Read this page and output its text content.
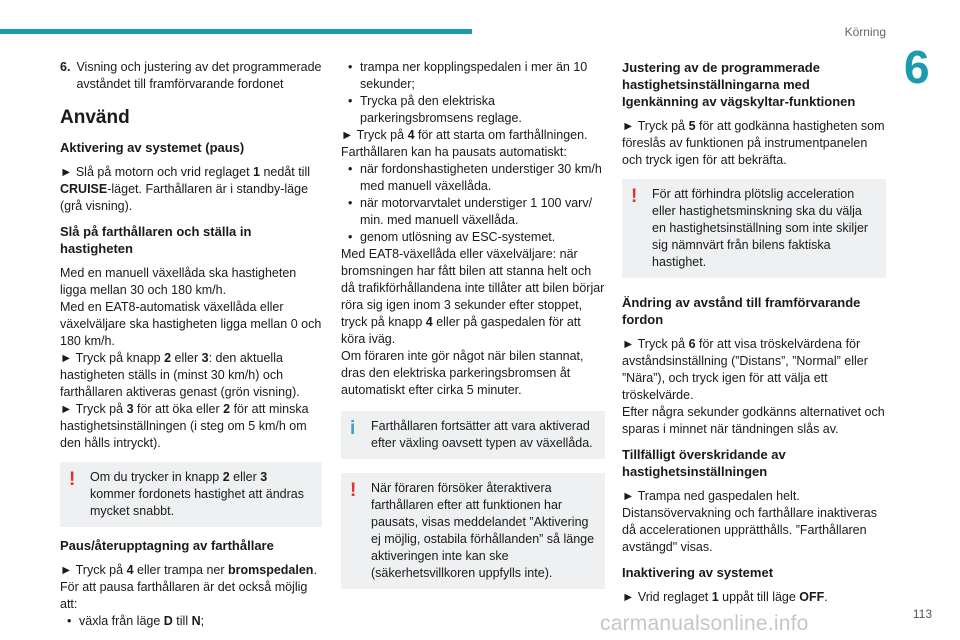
Körning
6
6. Visning och justering av det programmerade avståndet till framförvarande fordonet
Använd
Aktivering av systemet (paus)

► Slå på motorn och vrid reglaget 1 nedåt till CRUISE-läget. Farthållaren är i standby-läge (grå visning).

Slå på farthållaren och ställa in hastigheten

Med en manuell växellåda ska hastigheten ligga mellan 30 och 180 km/h.

Med en EAT8-automatisk växellåda eller växelväljare ska hastigheten ligga mellan 0 och 180 km/h.

► Tryck på knapp 2 eller 3: den aktuella hastigheten ställs in (minst 30 km/h) och farthållaren aktiveras genast (grön visning).

► Tryck på 3 för att öka eller 2 för att minska hastighetsinställningen (i steg om 5 km/h om den hålls intryckt).

! Om du trycker in knapp 2 eller 3 kommer fordonets hastighet att ändras mycket snabbt.
Paus/återupptagning av farthållare

► Tryck på 4 eller trampa ner bromspedalen.

För att pausa farthållaren är det också möjlig att:

• växla från läge D till N;
• trampa ner kopplingspedalen i mer än 10 sekunder;
• Trycka på den elektriska parkeringsbromsens reglage.

► Tryck på 4 för att starta om farthållningen.

Farthållaren kan ha pausats automatiskt:

• när fordonshastigheten understiger 30 km/h med manuell växellåda.
• när motorvarvtalet understiger 1 100 varv/ min. med manuell växellåda.
• genom utlösning av ESC-systemet.

Med EAT8-växellåda eller växelväljare: när bromsningen har fått bilen att stanna helt och då trafikförhållandena inte tillåter att bilen börjar röra sig igen inom 3 sekunder efter stoppet, tryck på knapp 4 eller på gaspedalen för att köra iväg.

Om föraren inte gör något när bilen stannat, dras den elektriska parkeringsbromsen åt automatiskt efter cirka 5 minuter.

i Farthållaren fortsätter att vara aktiverad efter växling oavsett typen av växellåda.
! När föraren försöker återaktivera farthållaren efter att funktionen har pausats, visas meddelandet ”Aktivering ej möjlig, ostabila förhållanden” så länge aktiveringen inte kan ske (säkerhetsvillkoren uppfylls inte).
Justering av de programmerade hastighetsinställningarna med Igenkänning av vägskyltar-funktionen

► Tryck på 5 för att godkänna hastigheten som föreslås av funktionen på instrumentpanelen och tryck igen för att bekräfta.

! För att förhindra plötslig acceleration eller hastighetsminskning ska du välja en hastighetsinställning som inte skiljer sig nämnvärt från bilens faktiska hastighet.
Ändring av avstånd till framförvarande fordon

► Tryck på 6 för att visa tröskelvärdena för avståndsinställning (”Distans”, ”Normal” eller ”Nära”), och tryck igen för att välja ett tröskelvärde.

Efter några sekunder godkänns alternativet och sparas i minnet när tändningen slås av.

Tillfälligt överskridande av hastighetsinställningen

► Trampa ned gaspedalen helt.

Distansövervakning och farthållare inaktiveras då accelerationen upprätthålls. ”Farthållaren avstängd" visas.

Inaktivering av systemet

► Vrid reglaget 1 uppåt till läge OFF.

carmanualsonline.info	113
